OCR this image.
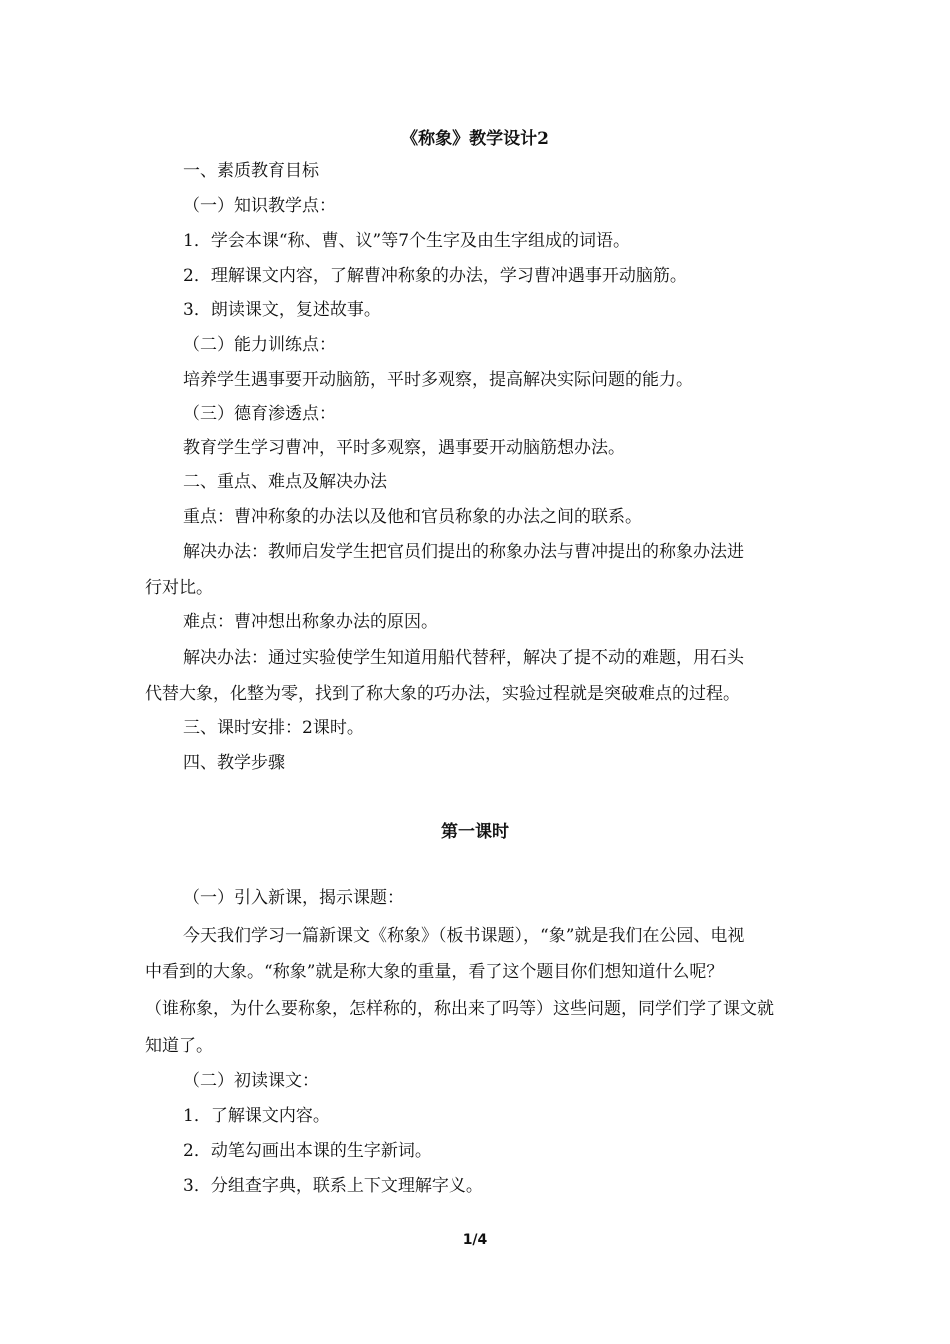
《称象》教学设计2
一、素质教育目标
（一）知识教学点：
1．学会本课“称、曹、议”等7个生字及由生字组成的词语。
2．理解课文内容，了解曹冲称象的办法，学习曹冲遇事开动脑筋。
3．朗读课文，复述故事。
（二）能力训练点：
培养学生遇事要开动脑筋，平时多观察，提高解决实际问题的能力。
（三）德育渗透点：
教育学生学习曹冲，平时多观察，遇事要开动脑筋想办法。
二、重点、难点及解决办法
重点：曹冲称象的办法以及他和官员称象的办法之间的联系。
解决办法：教师启发学生把官员们提出的称象办法与曹冲提出的称象办法进
行对比。
难点：曹冲想出称象办法的原因。
解决办法：通过实验使学生知道用船代替秤，解决了提不动的难题，用石头
代替大象，化整为零，找到了称大象的巧办法，实验过程就是突破难点的过程。
三、课时安排：2课时。
四、教学步骤
第一课时
（一）引入新课，揭示课题：
今天我们学习一篇新课文《称象》（板书课题），“象”就是我们在公园、电视
中看到的大象。“称象”就是称大象的重量，看了这个题目你们想知道什么呢？
（谁称象，为什么要称象，怎样称的，称出来了吗等）这些问题，同学们学了课文就
知道了。
（二）初读课文：
1．了解课文内容。
2．动笔勾画出本课的生字新词。
3．分组查字典，联系上下文理解字义。
1/4
